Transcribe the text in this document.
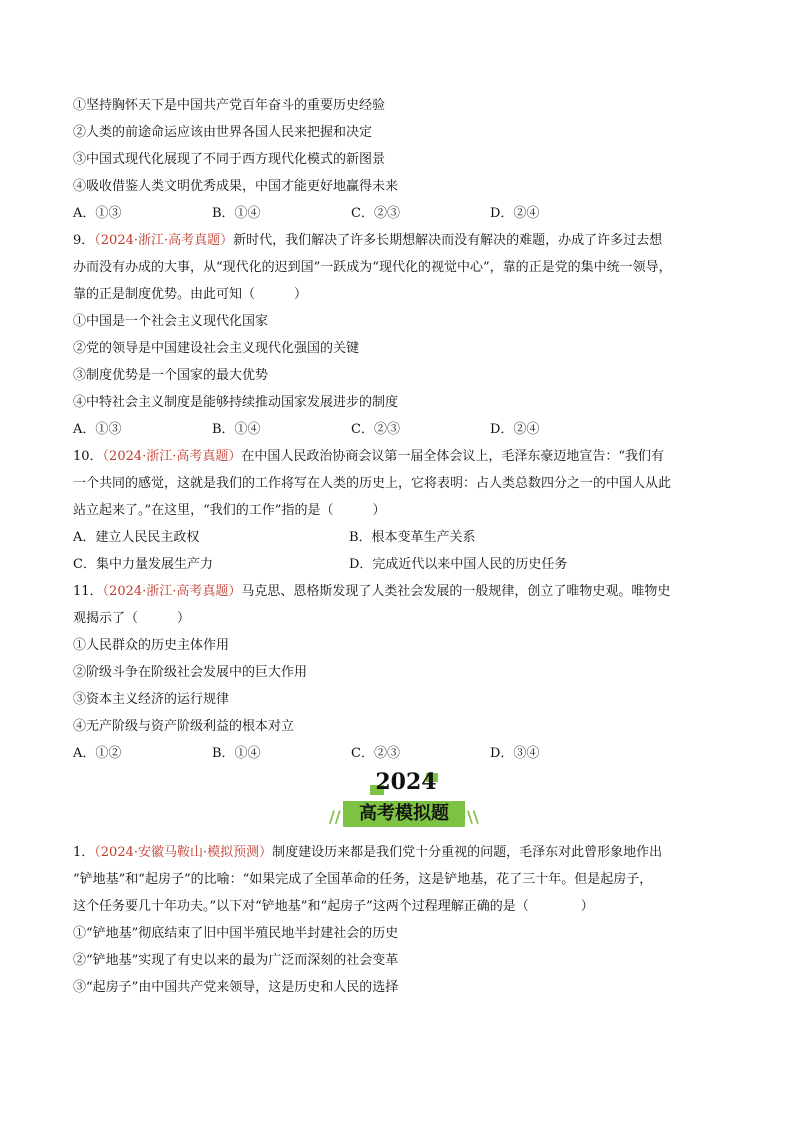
①坚持胸怀天下是中国共产党百年奋斗的重要历史经验
②人类的前途命运应该由世界各国人民来把握和决定
③中国式现代化展现了不同于西方现代化模式的新图景
④吸收借鉴人类文明优秀成果，中国才能更好地赢得未来
A．①③	B．①④	C．②③	D．②④
9．（2024·浙江·高考真题）新时代，我们解决了许多长期想解决而没有解决的难题，办成了许多过去想
办而没有办成的大事，从“现代化的迟到国”一跃成为“现代化的视觉中心”，靠的正是党的集中统一领导，
靠的正是制度优势。由此可知（　　　）
①中国是一个社会主义现代化国家
②党的领导是中国建设社会主义现代化强国的关键
③制度优势是一个国家的最大优势
④中特社会主义制度是能够持续推动国家发展进步的制度
A．①③	B．①④	C．②③	D．②④
10．（2024·浙江·高考真题）在中国人民政治协商会议第一届全体会议上，毛泽东豪迈地宣告：“我们有
一个共同的感觉，这就是我们的工作将写在人类的历史上，它将表明：占人类总数四分之一的中国人从此
站立起来了。”在这里，“我们的工作”指的是（　　　）
A．建立人民民主政权	B．根本变革生产关系
C．集中力量发展生产力	D．完成近代以来中国人民的历史任务
11．（2024·浙江·高考真题）马克思、恩格斯发现了人类社会发展的一般规律，创立了唯物史观。唯物史
观揭示了（　　　）
①人民群众的历史主体作用
②阶级斗争在阶级社会发展中的巨大作用
③资本主义经济的运行规律
④无产阶级与资产阶级利益的根本对立
A．①②	B．①④	C．②③	D．③④
2024
//	高考模拟题	\\
1．（2024·安徽马鞍山·模拟预测）制度建设历来都是我们党十分重视的问题，毛泽东对此曾形象地作出
“铲地基”和“起房子”的比喻：“如果完成了全国革命的任务，这是铲地基，花了三十年。但是起房子，
这个任务要几十年功夫。”以下对“铲地基”和“起房子”这两个过程理解正确的是（　　　　）
①“铲地基”彻底结束了旧中国半殖民地半封建社会的历史
②“铲地基”实现了有史以来的最为广泛而深刻的社会变革
③“起房子”由中国共产党来领导，这是历史和人民的选择
